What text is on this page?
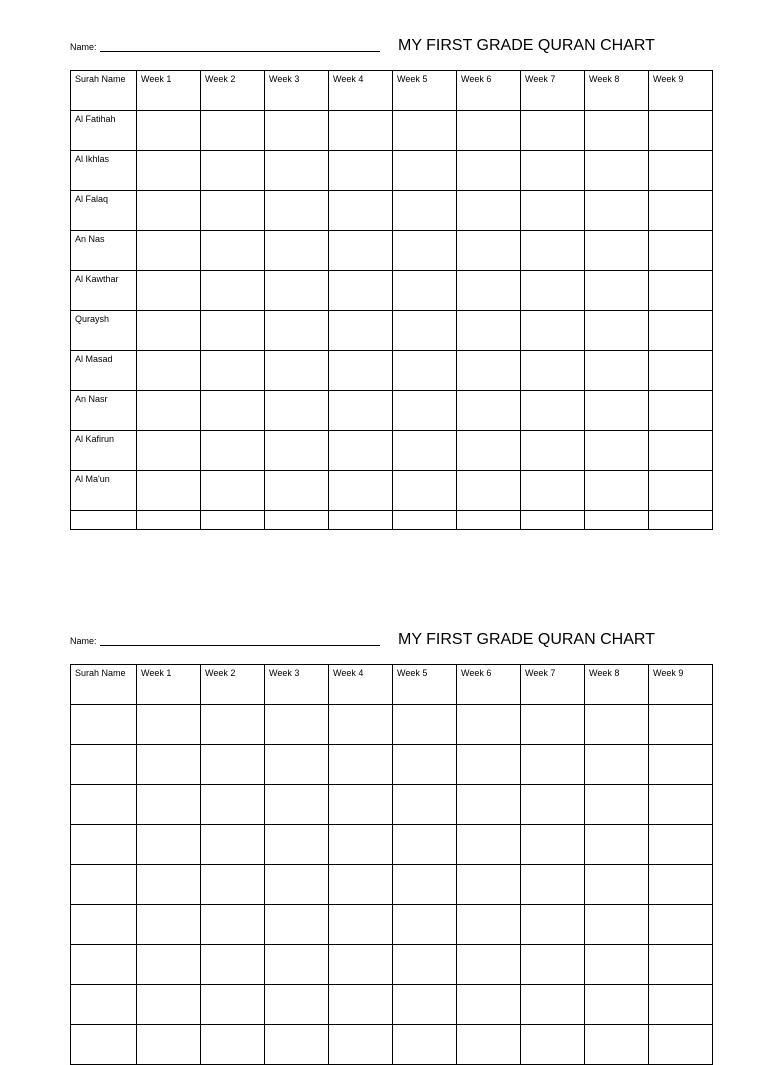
Name:	MY FIRST GRADE QURAN CHART
Surah Name	Week 1	Week 2	Week 3	Week 4	Week 5	Week 6	Week 7	Week 8	Week 9
Al Fatihah									
Al Ikhlas									
Al Falaq									
An Nas									
Al Kawthar									
Quraysh									
Al Masad									
An Nasr									
Al Kafirun									
Al Ma'un									

Name:	MY FIRST GRADE QURAN CHART
Surah Name	Week 1	Week 2	Week 3	Week 4	Week 5	Week 6	Week 7	Week 8	Week 9
